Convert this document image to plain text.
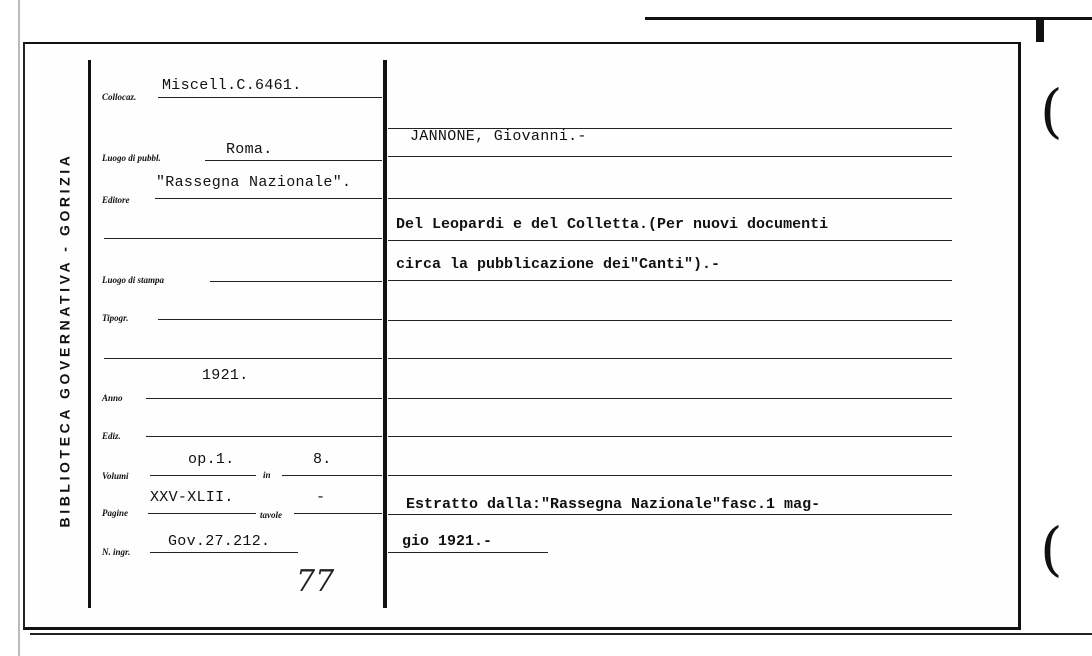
BIBLIOTECA GOVERNATIVA - GORIZIA
Collocaz.
Miscell.C.6461.
Luogo di pubbl.	Roma.
Editore
"Rassegna Nazionale".
Luogo di stampa
Tipogr.
1921.
Anno
Ediz.
Volumi
op.1.
in
8.
Pagine
XXV-XLII.
tavole
-
N. ingr.
Gov.27.212.
77
JANNONE, Giovanni.-
Del Leopardi e del Colletta.(Per nuovi documenti
circa la pubblicazione dei"Canti").-
Estratto dalla:"Rassegna Nazionale"fasc.1 mag-
gio 1921.-
(
(
